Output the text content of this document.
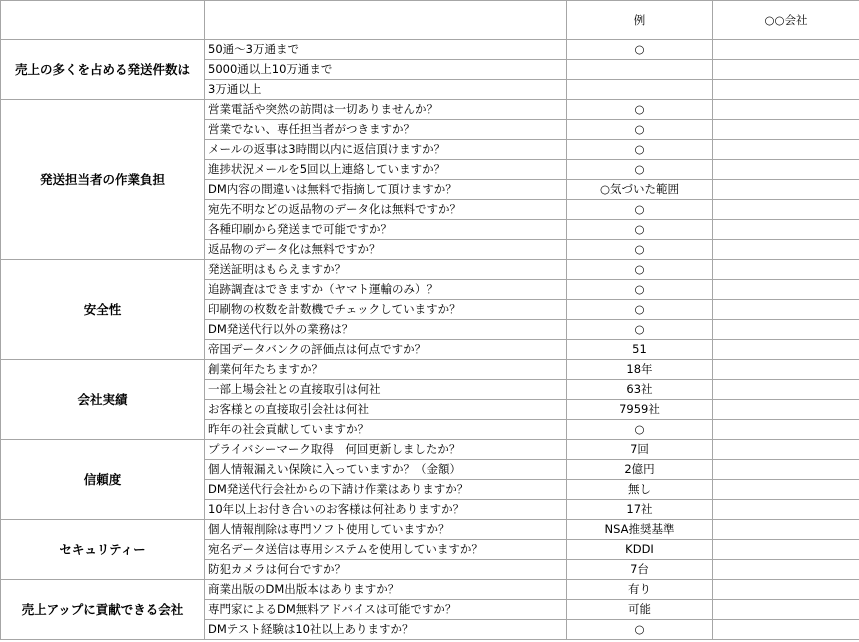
		例	○○会社
売上の多くを占める発送件数は	50通～3万通まで	○	
	5000通以上10万通まで		
	3万通以上		
発送担当者の作業負担	営業電話や突然の訪問は一切ありませんか？	○	
	営業でない、専任担当者がつきますか？	○	
	メールの返事は3時間以内に返信頂けますか？	○	
	進捗状況メールを5回以上連絡していますか？	○	
	DM内容の間違いは無料で指摘して頂けますか？	○気づいた範囲	
	宛先不明などの返品物のデータ化は無料ですか？	○	
	各種印刷から発送まで可能ですか？	○	
	返品物のデータ化は無料ですか？	○	
安全性	発送証明はもらえますか？	○	
	追跡調査はできますか（ヤマト運輸のみ）？	○	
	印刷物の枚数を計数機でチェックしていますか？	○	
	DM発送代行以外の業務は？	○	
	帝国データバンクの評価点は何点ですか？	51	
会社実績	創業何年たちますか？	18年	
	一部上場会社との直接取引は何社	63社	
	お客様との直接取引会社は何社	7959社	
	昨年の社会貢献していますか？	○	
信頼度	プライバシーマーク取得　何回更新しましたか？	7回	
	個人情報漏えい保険に入っていますか？（金額）	2億円	
	DM発送代行会社からの下請け作業はありますか？	無し	
	10年以上お付き合いのお客様は何社ありますか？	17社	
セキュリティー	個人情報削除は専門ソフト使用していますか？	NSA推奨基準	
	宛名データ送信は専用システムを使用していますか？	KDDI	
	防犯カメラは何台ですか？	7台	
売上アップに貢献できる会社	商業出版のDM出版本はありますか？	有り	
	専門家によるDM無料アドバイスは可能ですか？	可能	
	DMテスト経験は10社以上ありますか？	○	
